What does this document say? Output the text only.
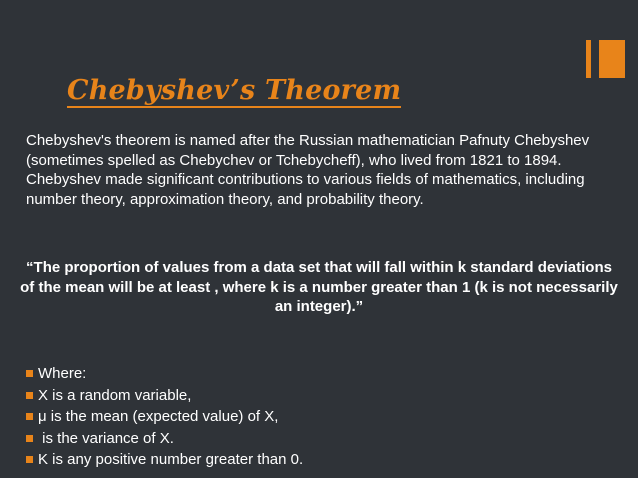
Chebyshev’s Theorem
Chebyshev's theorem is named after the Russian mathematician Pafnuty Chebyshev (sometimes spelled as Chebychev or Tchebycheff), who lived from 1821 to 1894. Chebyshev made significant contributions to various fields of mathematics, including number theory, approximation theory, and probability theory.
“The proportion of values from a data set that will fall within k standard deviations of the mean will be at least , where k is a number greater than 1 (k is not necessarily an integer).”
Where:
X is a random variable,
μ is the mean (expected value) of X,
is the variance of X.
K is any positive number greater than 0.
